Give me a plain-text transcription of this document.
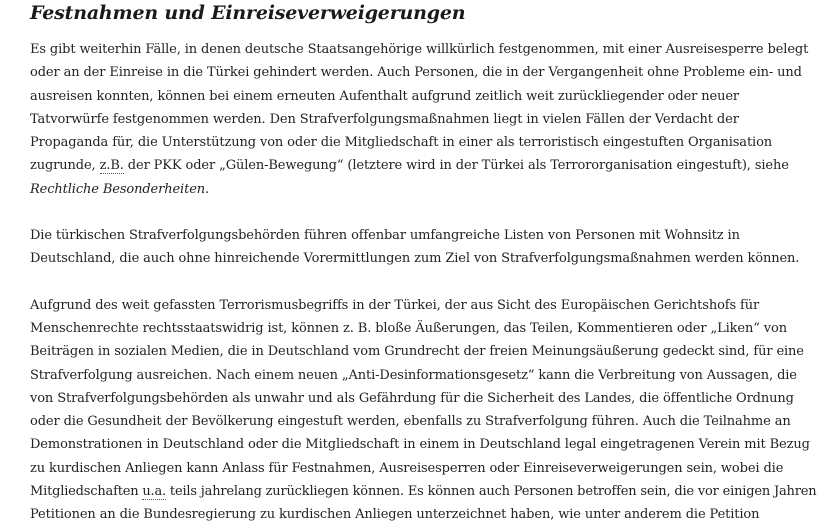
Festnahmen und Einreiseverweigerungen

Es gibt weiterhin Fälle, in denen deutsche Staatsangehörige willkürlich festgenommen, mit einer Ausreisesperre belegt
oder an der Einreise in die Türkei gehindert werden. Auch Personen, die in der Vergangenheit ohne Probleme ein- und
ausreisen konnten, können bei einem erneuten Aufenthalt aufgrund zeitlich weit zurückliegender oder neuer
Tatvorwürfe festgenommen werden. Den Strafverfolgungsmaßnahmen liegt in vielen Fällen der Verdacht der
Propaganda für, die Unterstützung von oder die Mitgliedschaft in einer als terroristisch eingestuften Organisation
zugrunde, z.B. der PKK oder „Gülen-Bewegung“ (letztere wird in der Türkei als Terrororganisation eingestuft), siehe
Rechtliche Besonderheiten.

Die türkischen Strafverfolgungsbehörden führen offenbar umfangreiche Listen von Personen mit Wohnsitz in
Deutschland, die auch ohne hinreichende Vorermittlungen zum Ziel von Strafverfolgungsmaßnahmen werden können.

Aufgrund des weit gefassten Terrorismusbegriffs in der Türkei, der aus Sicht des Europäischen Gerichtshofs für
Menschenrechte rechtsstaatswidrig ist, können z. B. bloße Äußerungen, das Teilen, Kommentieren oder „Liken“ von
Beiträgen in sozialen Medien, die in Deutschland vom Grundrecht der freien Meinungsäußerung gedeckt sind, für eine
Strafverfolgung ausreichen. Nach einem neuen „Anti-Desinformationsgesetz“ kann die Verbreitung von Aussagen, die
von Strafverfolgungsbehörden als unwahr und als Gefährdung für die Sicherheit des Landes, die öffentliche Ordnung
oder die Gesundheit der Bevölkerung eingestuft werden, ebenfalls zu Strafverfolgung führen. Auch die Teilnahme an
Demonstrationen in Deutschland oder die Mitgliedschaft in einem in Deutschland legal eingetragenen Verein mit Bezug
zu kurdischen Anliegen kann Anlass für Festnahmen, Ausreisesperren oder Einreiseverweigerungen sein, wobei die
Mitgliedschaften u.a. teils jahrelang zurückliegen können. Es können auch Personen betroffen sein, die vor einigen Jahren
Petitionen an die Bundesregierung zu kurdischen Anliegen unterzeichnet haben, wie unter anderem die Petition
